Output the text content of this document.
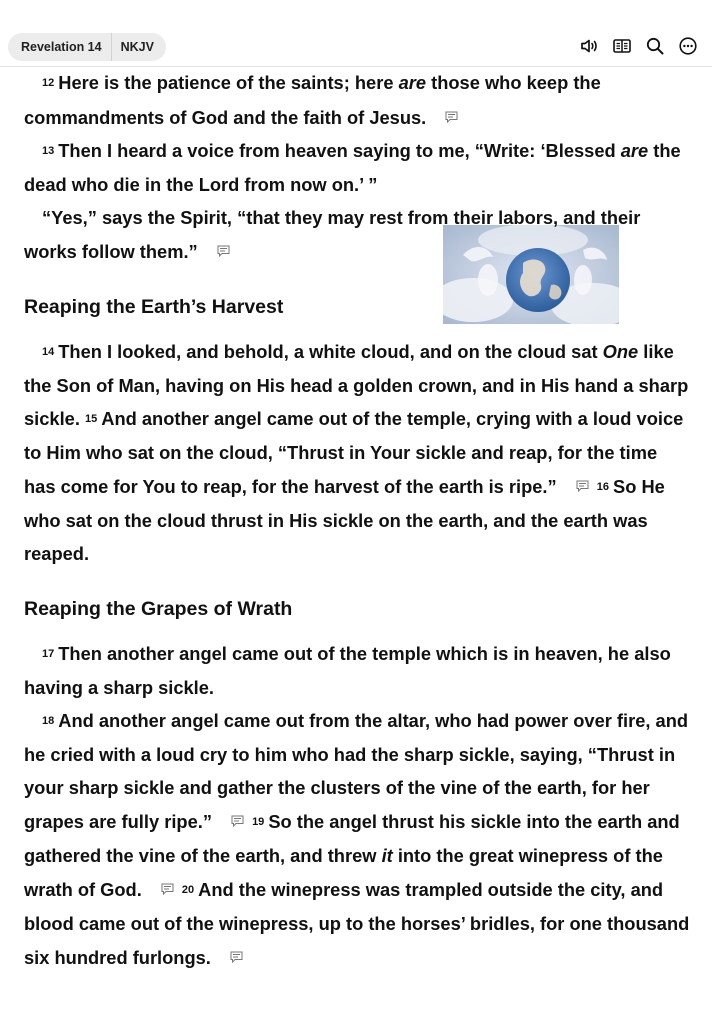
Revelation 14	NKJV

12 Here is the patience of the saints; here are those who keep the commandments of God and the faith of Jesus.

13 Then I heard a voice from heaven saying to me, “Write: ‘Blessed are the dead who die in the Lord from now on.’ ”

“Yes,” says the Spirit, “that they may rest from their labors, and their works follow them.”

Reaping the Earth’s Harvest

14 Then I looked, and behold, a white cloud, and on the cloud sat One like the Son of Man, having on His head a golden crown, and in His hand a sharp sickle. 15 And another angel came out of the temple, crying with a loud voice to Him who sat on the cloud, “Thrust in Your sickle and reap, for the time has come for You to reap, for the harvest of the earth is ripe.”	16 So He who sat on the cloud thrust in His sickle on the earth, and the earth was reaped.

Reaping the Grapes of Wrath

17 Then another angel came out of the temple which is in heaven, he also having a sharp sickle.

18 And another angel came out from the altar, who had power over fire, and he cried with a loud cry to him who had the sharp sickle, saying, “Thrust in your sharp sickle and gather the clusters of the vine of the earth, for her grapes are fully ripe.”	19 So the angel thrust his sickle into the earth and gathered the vine of the earth, and threw it into the great winepress of the wrath of God.	20 And the winepress was trampled outside the city, and blood came out of the winepress, up to the horses’ bridles, for one thousand six hundred furlongs.
